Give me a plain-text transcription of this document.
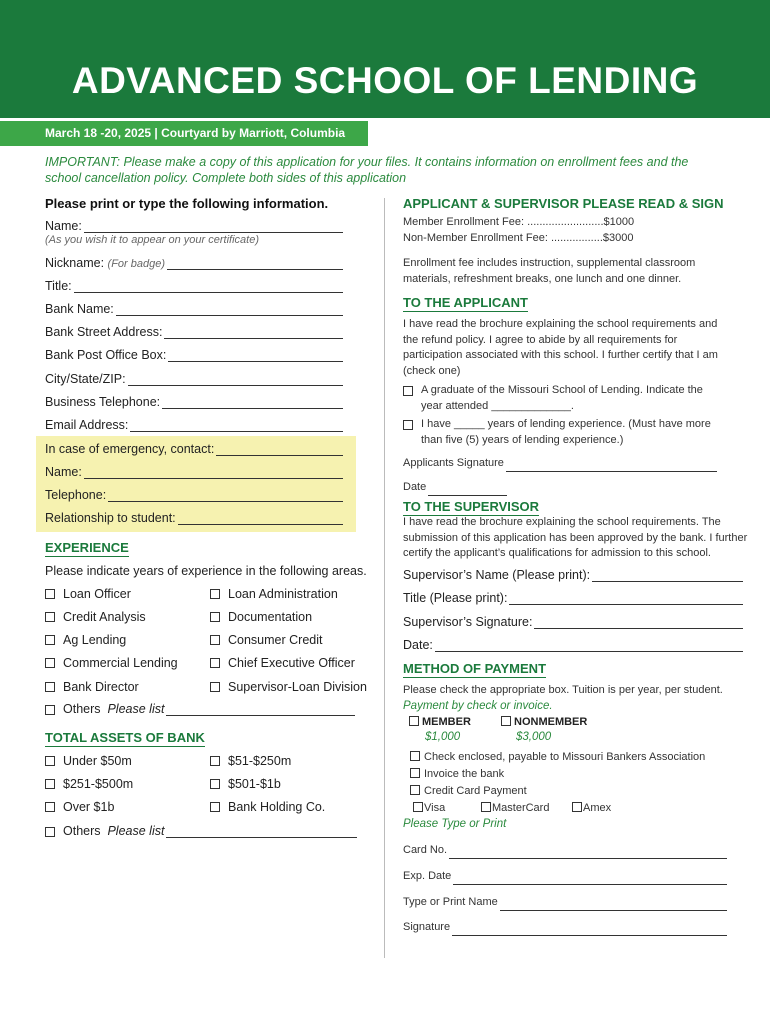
ADVANCED SCHOOL OF LENDING
March 18 -20, 2025 | Courtyard by Marriott, Columbia
IMPORTANT: Please make a copy of this application for your files. It contains information on enrollment fees and the school cancellation policy. Complete both sides of this application
Please print or type the following information.
Name:
(As you wish it to appear on your certificate)
Nickname:
(For badge)
Title:
Bank Name:
Bank Street Address:
Bank Post Office Box:
City/State/ZIP:
Business Telephone:
Email Address:
In case of emergency, contact:
Name:
Telephone:
Relationship to student:
EXPERIENCE
Please indicate years of experience in the following areas.
Loan Officer
Credit Analysis
Ag Lending
Commercial Lending
Bank Director
Loan Administration
Documentation
Consumer Credit
Chief Executive Officer
Supervisor-Loan Division
Others
Please list
TOTAL ASSETS OF BANK
Under $50m
$251-$500m
Over $1b
$51-$250m
$501-$1b
Bank Holding Co.
Others
Please list
APPLICANT & SUPERVISOR PLEASE READ & SIGN
Member Enrollment Fee: .........................$1000
Non-Member Enrollment Fee: .................$3000
Enrollment fee includes instruction, supplemental classroom materials, refreshment breaks, one lunch and one dinner.
TO THE APPLICANT
I have read the brochure explaining the school requirements and the refund policy. I agree to abide by all requirements for participation associated with this school. I further certify that I am (check one)
A graduate of the Missouri School of Lending. Indicate the year attended _____________.
I have _____ years of lending experience. (Must have more than five (5) years of lending experience.)
Applicants Signature
Date
TO THE SUPERVISOR
I have read the brochure explaining the school requirements. The submission of this application has been approved by the bank. I further certify the applicant’s qualifications for admission to this school.
Supervisor’s Name (Please print):
Title (Please print):
Supervisor’s Signature:
Date:
METHOD OF PAYMENT
Please check the appropriate box. Tuition is per year, per student.
Payment by check or invoice.
MEMBER
$1,000
NONMEMBER
$3,000
Check enclosed, payable to Missouri Bankers Association
Invoice the bank
Credit Card Payment
Visa	MasterCard	Amex
Please Type or Print
Card No.
Exp. Date
Type or Print Name
Signature
